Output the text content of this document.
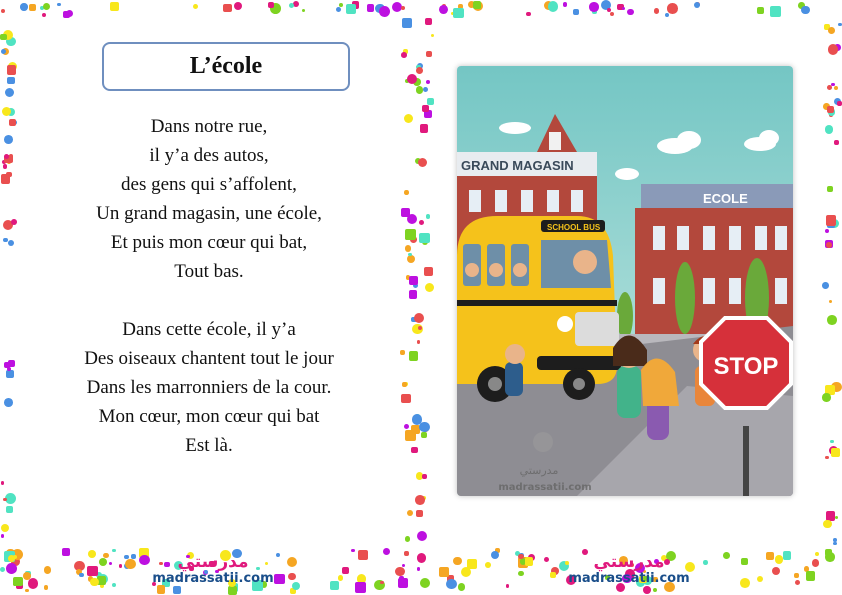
L’école
Dans notre rue,
il y’a des autos,
des gens qui s’affolent,
Un grand magasin, une école,
Et puis mon cœur qui bat,
Tout bas.
Dans cette école, il y’a
Des oiseaux chantent tout le jour
Dans les marronniers de la cour.
Mon cœur, mon cœur qui bat
Est là.
GRAND MAGASIN
ECOLE
SCHOOL BUS
STOP
مدرستي
madrassatii.com
مدرستي
madrassatii.com
مدرستي
madrassatii.com
